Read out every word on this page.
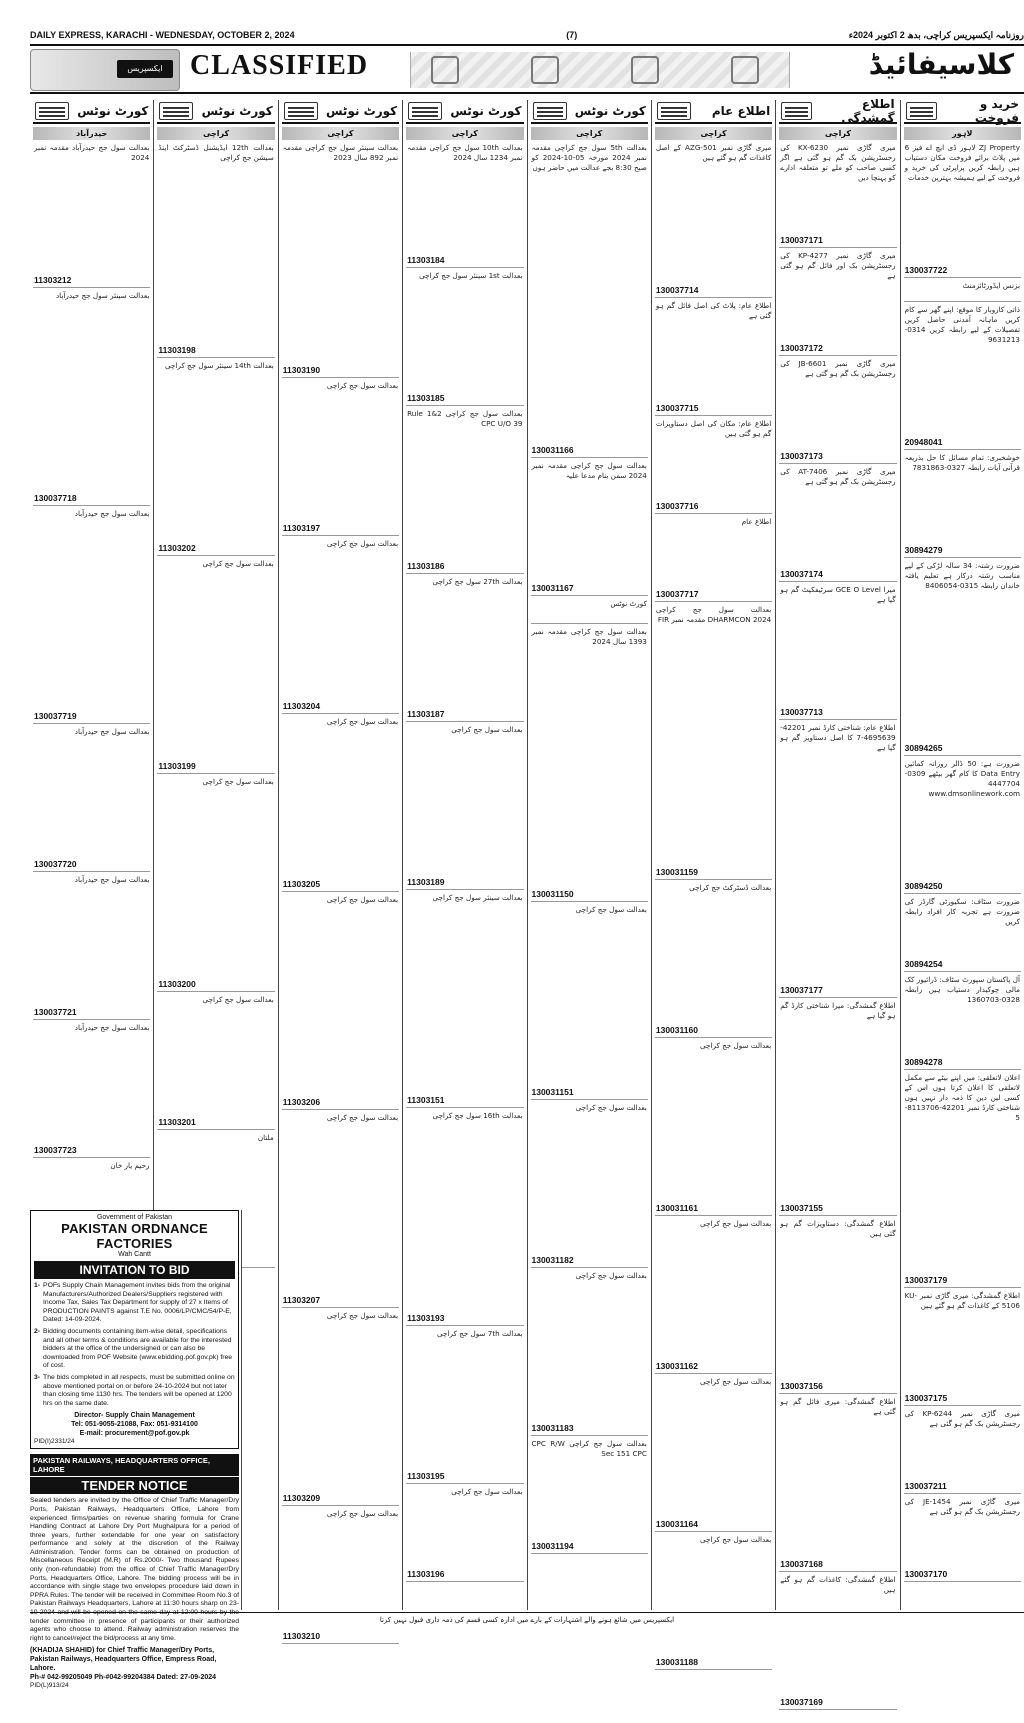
DAILY EXPRESS, KARACHI - WEDNESDAY, OCTOBER 2, 2024	(7)	روزنامہ ایکسپریس کراچی، بدھ 2 اکتوبر 2024ء
ایکسپریس CLASSIFIED	کلاسیفائیڈ
خرید و فروخت
لاہور
ZJ Property لاہور ڈی ایچ اے فیز 6 میں پلاٹ برائے فروخت مکان دستیاب ہیں رابطہ کریں پراپرٹی کی خرید و فروخت کے لیے ہمیشہ بہترین خدمات
130037722
بزنس ایڈورٹائزمنٹ
ذاتی کاروبار کا موقع: اپنے گھر سے کام کریں ماہانہ آمدنی حاصل کریں تفصیلات کے لیے رابطہ کریں 0314-9631213
20948041
خوشخبری: تمام مسائل کا حل بذریعہ قرآنی آیات رابطہ 0327-7831863
30894279
ضرورت رشتہ: 34 سالہ لڑکی کے لیے مناسب رشتہ درکار ہے تعلیم یافتہ خاندان رابطہ 0315-8406054
30894265
ضرورت ہے: 50 ڈالر روزانہ کمائیں Data Entry کا کام گھر بیٹھے 0309-4447704 www.dmsonlinework.com
30894250
ضرورت سٹاف: سکیورٹی گارڈز کی ضرورت ہے تجربہ کار افراد رابطہ کریں
30894254
آل پاکستان سپورٹ سٹاف: ڈرائیور کک مالی چوکیدار دستیاب ہیں رابطہ 0328-1360703
30894278
اعلان لاتعلقی: میں اپنے بیٹے سے مکمل لاتعلقی کا اعلان کرتا ہوں اس کے کسی لین دین کا ذمہ دار نہیں ہوں شناختی کارڈ نمبر 42201-8113706-5
130037179
اطلاع گمشدگی: میری گاڑی نمبر KU-5106 کے کاغذات گم ہو گئے ہیں
130037175
میری گاڑی نمبر KP-6244 کی رجسٹریشن بک گم ہو گئی ہے
130037211
میری گاڑی نمبر JE-1454 کی رجسٹریشن بک گم ہو گئی ہے
130037170
اطلاع گمشدگی
کراچی
میری گاڑی نمبر KX-6230 کی رجسٹریشن بک گم ہو گئی ہے اگر کسی صاحب کو ملے تو متعلقہ ادارے کو پہنچا دیں
130037171
میری گاڑی نمبر KP-4277 کی رجسٹریشن بک اور فائل گم ہو گئی ہے
130037172
میری گاڑی نمبر JB-6601 کی رجسٹریشن بک گم ہو گئی ہے
130037173
میری گاڑی نمبر AT-7406 کی رجسٹریشن بک گم ہو گئی ہے
130037174
میرا GCE O Level سرٹیفکیٹ گم ہو گیا ہے
130037713
اطلاع عام: شناختی کارڈ نمبر 42201-4695639-7 کا اصل دستاویز گم ہو گیا ہے
130037177
اطلاع گمشدگی: میرا شناختی کارڈ گم ہو گیا ہے
130037155
اطلاع گمشدگی: دستاویزات گم ہو گئی ہیں
130037156
اطلاع گمشدگی: میری فائل گم ہو گئی ہے
130037168
اطلاع گمشدگی: کاغذات گم ہو گئے ہیں
130037169
اطلاع عام
کراچی
میری گاڑی نمبر AZG-501 کے اصل کاغذات گم ہو گئے ہیں
130037714
اطلاع عام: پلاٹ کی اصل فائل گم ہو گئی ہے
130037715
اطلاع عام: مکان کی اصل دستاویزات گم ہو گئی ہیں
130037716
اطلاع عام
130037717
بعدالت سول جج کراچی DHARMCON 2024 مقدمہ نمبر FIR
130031159
بعدالت ڈسٹرکٹ جج کراچی
130031160
بعدالت سول جج کراچی
130031161
بعدالت سول جج کراچی
130031162
بعدالت سول جج کراچی
130031164
بعدالت سول جج کراچی
130031188
کورٹ نوٹس
کراچی
بعدالت 5th سول جج کراچی مقدمہ نمبر 2024 مورخہ 05-10-2024 کو صبح 8:30 بجے عدالت میں حاضر ہوں
130031166
بعدالت سول جج کراچی مقدمہ نمبر 2024 سمن بنام مدعا علیہ
130031167
کورٹ نوٹس
بعدالت سول جج کراچی مقدمہ نمبر 1393 سال 2024
130031150
بعدالت سول جج کراچی
130031151
بعدالت سول جج کراچی
130031182
بعدالت سول جج کراچی
130031183
بعدالت سول جج کراچی CPC R/W Sec 151 CPC
130031194
کورٹ نوٹس
کراچی
بعدالت 10th سول جج کراچی مقدمہ نمبر 1234 سال 2024
11303184
بعدالت 1st سینئر سول جج کراچی
11303185
بعدالت سول جج کراچی Rule 1&2 CPC U/O 39
11303186
بعدالت 27th سول جج کراچی
11303187
بعدالت سول جج کراچی
11303189
بعدالت سینئر سول جج کراچی
11303151
بعدالت 16th سول جج کراچی
11303193
بعدالت 7th سول جج کراچی
11303195
بعدالت سول جج کراچی
11303196
کورٹ نوٹس
کراچی
بعدالت سینئر سول جج کراچی مقدمہ نمبر 892 سال 2023
11303190
بعدالت سول جج کراچی
11303197
بعدالت سول جج کراچی
11303204
بعدالت سول جج کراچی
11303205
بعدالت سول جج کراچی
11303206
بعدالت سول جج کراچی
11303207
بعدالت سول جج کراچی
11303209
بعدالت سول جج کراچی
11303210
کورٹ نوٹس
کراچی
بعدالت 12th ایڈیشنل ڈسٹرکٹ اینڈ سیشن جج کراچی
11303198
بعدالت 14th سینئر سول جج کراچی
11303202
بعدالت سول جج کراچی
11303199
بعدالت سول جج کراچی
11303200
بعدالت سول جج کراچی
11303201
ملتان
کورٹ نوٹس
حیدرآباد
بعدالت سول جج حیدرآباد مقدمہ نمبر 2024
11303212
بعدالت سینئر سول جج حیدرآباد
130037718
بعدالت سول جج حیدرآباد
130037719
بعدالت سول جج حیدرآباد
130037720
بعدالت سول جج حیدرآباد
130037721
بعدالت سول جج حیدرآباد
130037723
رحیم یار خان
Government of Pakistan
PAKISTAN ORDNANCE FACTORIES
Wah Cantt
INVITATION TO BID
1- POFs Supply Chain Management invites bids from the original Manufacturers/Authorized Dealers/Suppliers registered with Income Tax, Sales Tax Department for supply of 27 x Items of PRODUCTION PAINTS against T.E No. 0006/LP/CMC/54/P-E, Dated: 14-09-2024.
2- Bidding documents containing item-wise detail, specifications and all other terms & conditions are available for the interested bidders at the office of the undersigned or can also be downloaded from POF Website (www.ebidding.pof.gov.pk) free of cost.
3- The bids completed in all respects, must be submitted online on above mentioned portal on or before 24-10-2024 but not later than closing time 1130 hrs. The tenders will be opened at 1200 hrs on the same date.
Director- Supply Chain Management
Tel: 051-9055-21088, Fax: 051-9314100
E-mail: procurement@pof.gov.pk
PID(I)2331/24
PAKISTAN RAILWAYS, HEADQUARTERS OFFICE, LAHORE
TENDER NOTICE
Sealed tenders are invited by the Office of Chief Traffic Manager/Dry Ports, Pakistan Railways, Headquarters Office, Lahore from experienced firms/parties on revenue sharing formula for Crane Handling Contract at Lahore Dry Port Mughalpura for a period of three years, further extendable for one year on satisfactory performance and solely at the discretion of the Railway Administration. Tender forms can be obtained on production of Miscellaneous Receipt (M.R) of Rs.2000/- Two thousand Rupees only (non-refundable) from the office of Chief Traffic Manager/Dry Ports, Headquarters Office, Lahore. The bidding process will be in accordance with single stage two envelopes procedure laid down in PPRA Rules. The tender will be received in Committee Room No.3 of Pakistan Railways Headquarters, Lahore at 11:30 hours sharp on 23-10-2024 and will be opened on the same day at 12:00 hours by the tender committee in presence of participants or their authorized agents who choose to attend. Railway administration reserves the right to cancel/reject the bid/process at any time.
(KHADIJA SHAHID) for Chief Traffic Manager/Dry Ports,
Pakistan Railways, Headquarters Office, Empress Road, Lahore.
Ph-# 042-99205049 Ph-#042-99204384 Dated: 27-09-2024
PID(L)913/24
ایکسپریس میں شائع ہونے والے اشتہارات کے بارے میں ادارہ کسی قسم کی ذمہ داری قبول نہیں کرتا
